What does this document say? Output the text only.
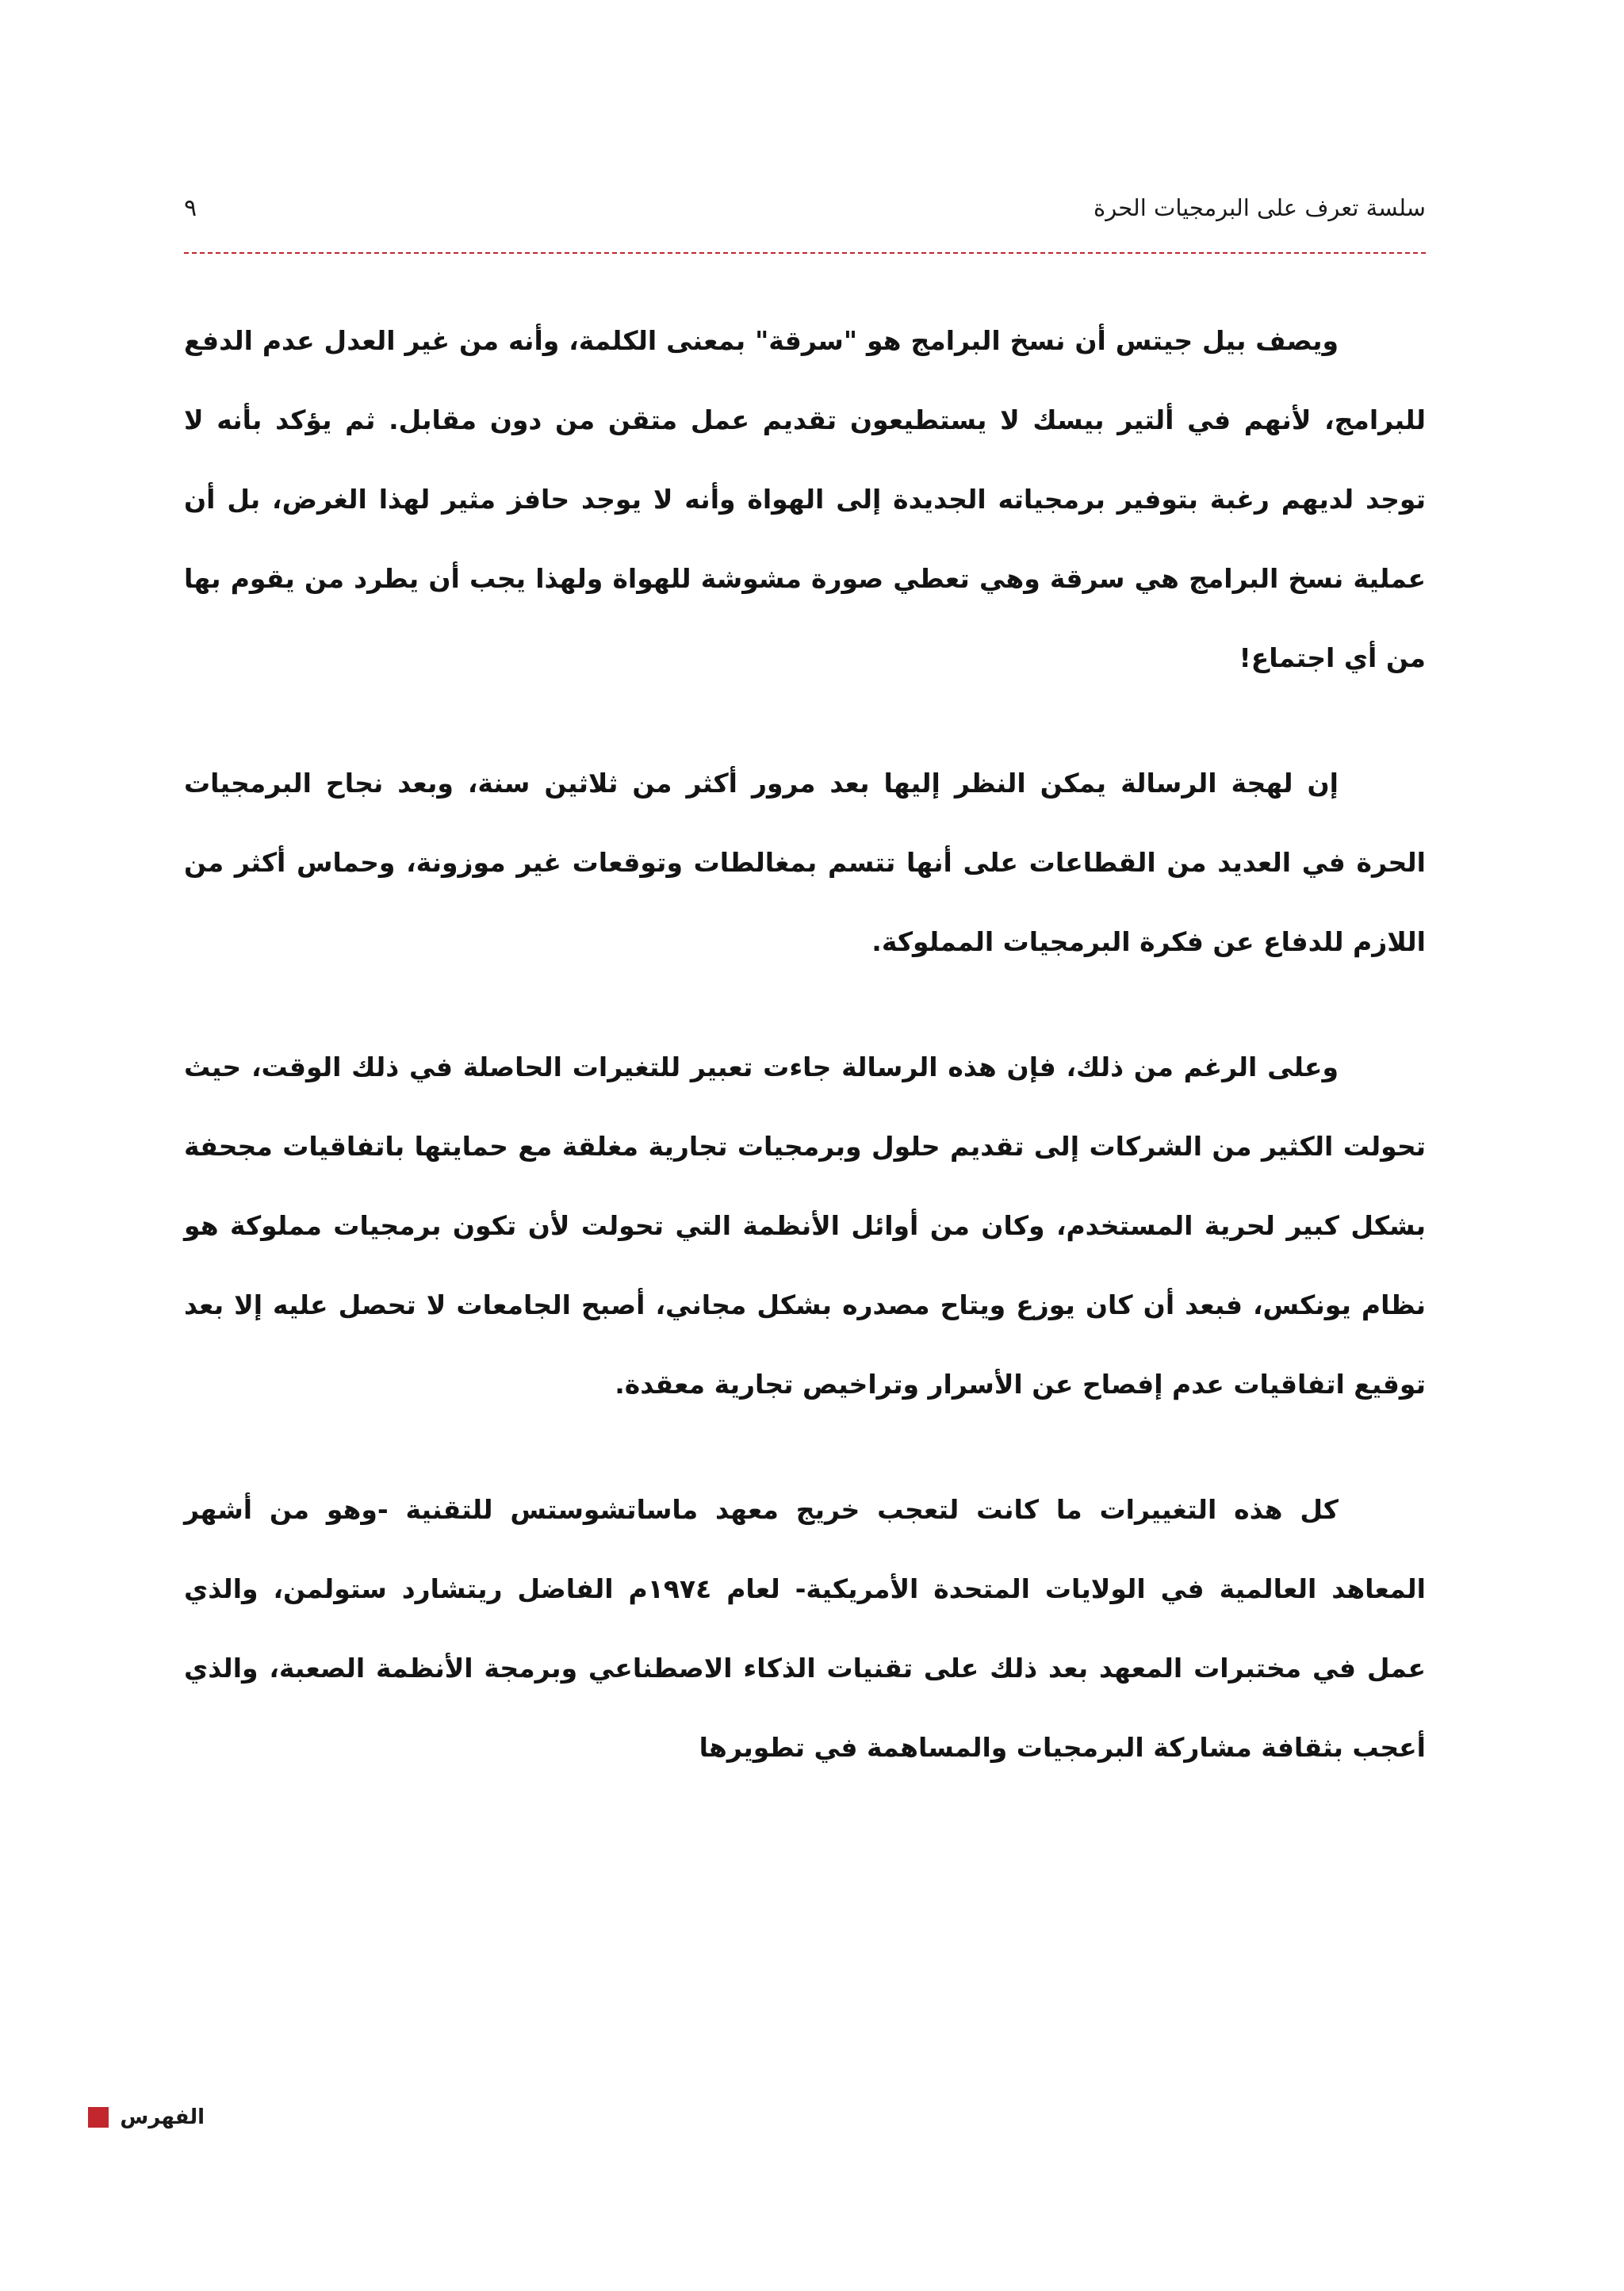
سلسة تعرف على البرمجيات الحرة
٩

ويصف بيل جيتس أن نسخ البرامج هو "سرقة" بمعنى الكلمة، وأنه من غير العدل عدم الدفع للبرامج، لأنهم في ألتير بيسك لا يستطيعون تقديم عمل متقن من دون مقابل. ثم يؤكد بأنه لا توجد لديهم رغبة بتوفير برمجياته الجديدة إلى الهواة وأنه لا يوجد حافز مثير لهذا الغرض، بل أن عملية نسخ البرامج هي سرقة وهي تعطي صورة مشوشة للهواة ولهذا يجب أن يطرد من يقوم بها من أي اجتماع!

إن لهجة الرسالة يمكن النظر إليها بعد مرور أكثر من ثلاثين سنة، وبعد نجاح البرمجيات الحرة في العديد من القطاعات على أنها تتسم بمغالطات وتوقعات غير موزونة، وحماس أكثر من اللازم للدفاع عن فكرة البرمجيات المملوكة.

وعلى الرغم من ذلك، فإن هذه الرسالة جاءت تعبير للتغيرات الحاصلة في ذلك الوقت، حيث تحولت الكثير من الشركات إلى تقديم حلول وبرمجيات تجارية مغلقة مع حمايتها باتفاقيات مجحفة بشكل كبير لحرية المستخدم، وكان من أوائل الأنظمة التي تحولت لأن تكون برمجيات مملوكة هو نظام يونكس، فبعد أن كان يوزع ويتاح مصدره بشكل مجاني، أصبح الجامعات لا تحصل عليه إلا بعد توقيع اتفاقيات عدم إفصاح عن الأسرار وتراخيص تجارية معقدة.

كل هذه التغييرات ما كانت لتعجب خريج معهد ماساتشوستس للتقنية -وهو من أشهر المعاهد العالمية في الولايات المتحدة الأمريكية- لعام ١٩٧٤م الفاضل ريتشارد ستولمن، والذي عمل في مختبرات المعهد بعد ذلك على تقنيات الذكاء الاصطناعي وبرمجة الأنظمة الصعبة، والذي أعجب بثقافة مشاركة البرمجيات والمساهمة في تطويرها

الفهرس
